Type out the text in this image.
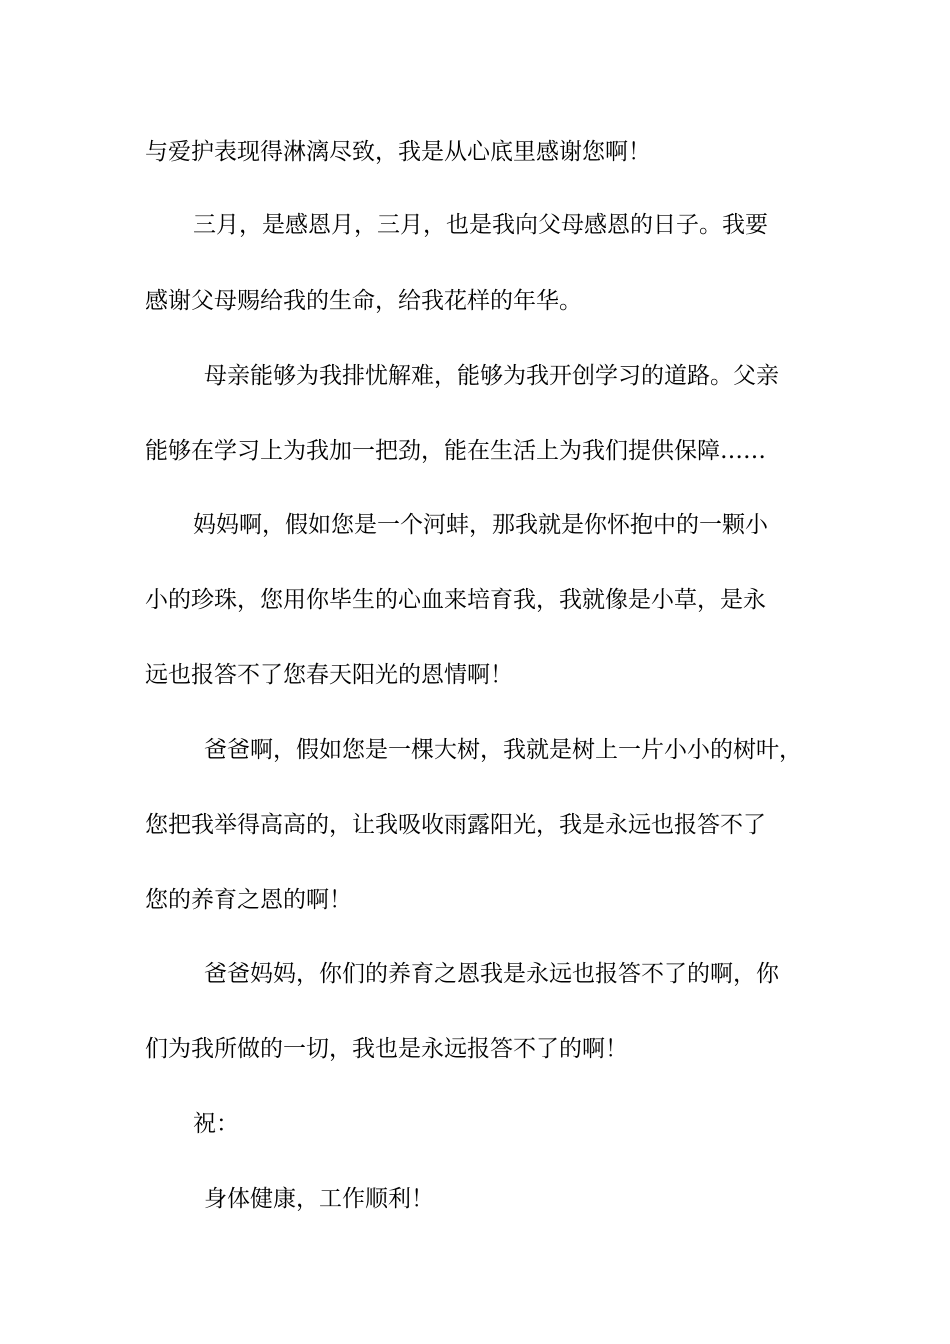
与爱护表现得淋漓尽致，我是从心底里感谢您啊！
三月，是感恩月，三月，也是我向父母感恩的日子。我要
感谢父母赐给我的生命，给我花样的年华。
母亲能够为我排忧解难，能够为我开创学习的道路。父亲
能够在学习上为我加一把劲，能在生活上为我们提供保障……
妈妈啊，假如您是一个河蚌，那我就是你怀抱中的一颗小
小的珍珠，您用你毕生的心血来培育我，我就像是小草，是永
远也报答不了您春天阳光的恩情啊！
爸爸啊，假如您是一棵大树，我就是树上一片小小的树叶，
您把我举得高高的，让我吸收雨露阳光，我是永远也报答不了
您的养育之恩的啊！
爸爸妈妈，你们的养育之恩我是永远也报答不了的啊，你
们为我所做的一切，我也是永远报答不了的啊！
祝：
身体健康，工作顺利！
